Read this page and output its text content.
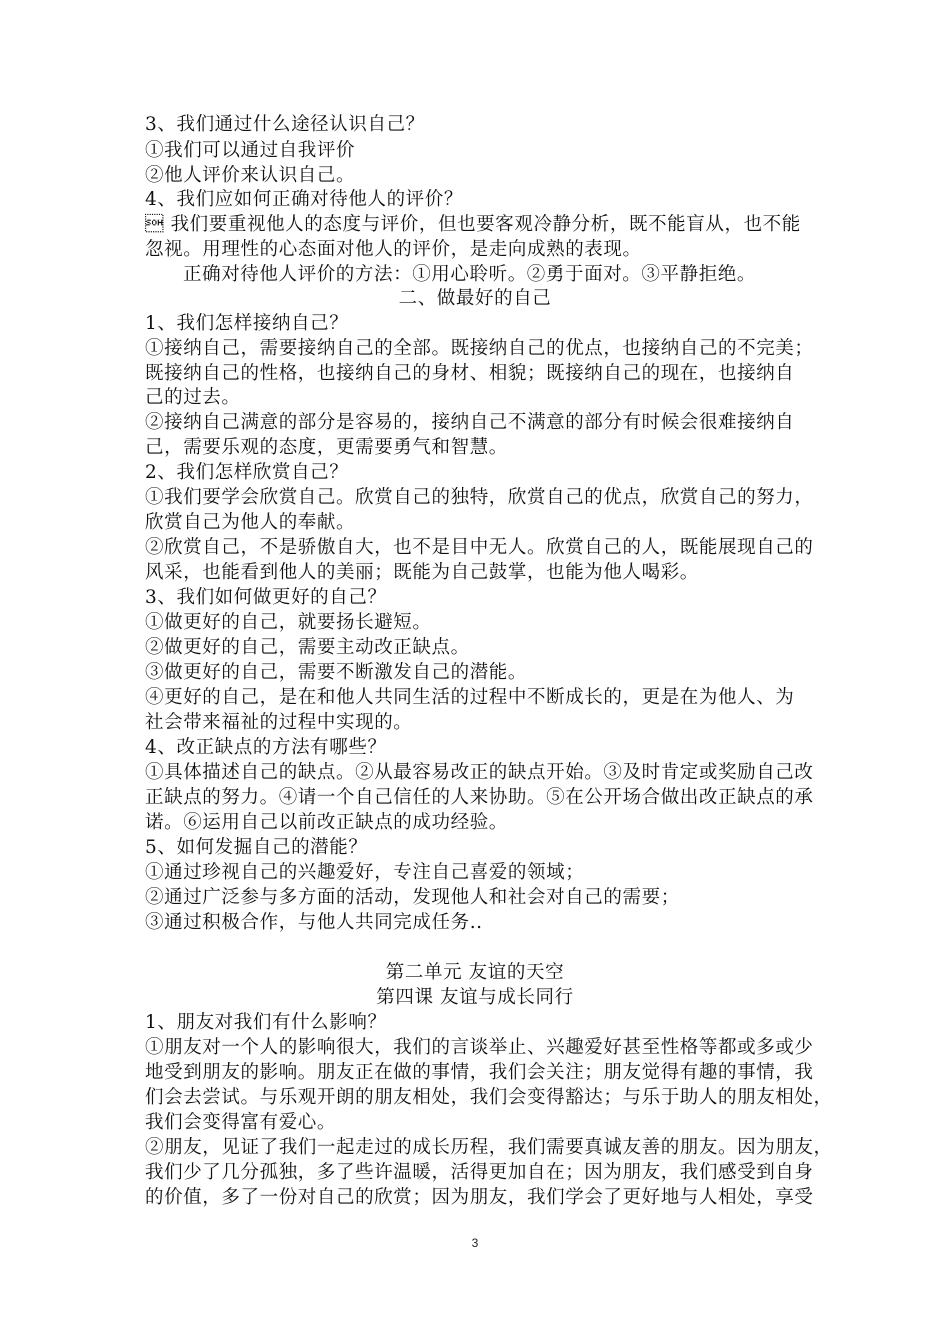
3、我们通过什么途径认识自己？
①我们可以通过自我评价
②他人评价来认识自己。
4、我们应如何正确对待他人的评价？
 我们要重视他人的态度与评价，但也要客观冷静分析，既不能盲从，也不能
忽视。用理性的心态面对他人的评价，是走向成熟的表现。
正确对待他人评价的方法：①用心聆听。②勇于面对。③平静拒绝。
二、做最好的自己
1、我们怎样接纳自己？
①接纳自己，需要接纳自己的全部。既接纳自己的优点，也接纳自己的不完美；
既接纳自己的性格，也接纳自己的身材、相貌；既接纳自己的现在，也接纳自
己的过去。
②接纳自己满意的部分是容易的，接纳自己不满意的部分有时候会很难接纳自
己，需要乐观的态度，更需要勇气和智慧。
2、我们怎样欣赏自己？
①我们要学会欣赏自己。欣赏自己的独特，欣赏自己的优点，欣赏自己的努力，
欣赏自己为他人的奉献。
②欣赏自己，不是骄傲自大，也不是目中无人。欣赏自己的人，既能展现自己的
风采，也能看到他人的美丽；既能为自己鼓掌，也能为他人喝彩。
3、我们如何做更好的自己？
①做更好的自己，就要扬长避短。
②做更好的自己，需要主动改正缺点。
③做更好的自己，需要不断激发自己的潜能。
④更好的自己，是在和他人共同生活的过程中不断成长的，更是在为他人、为
社会带来福祉的过程中实现的。
4、改正缺点的方法有哪些？
①具体描述自己的缺点。②从最容易改正的缺点开始。③及时肯定或奖励自己改
正缺点的努力。④请一个自己信任的人来协助。⑤在公开场合做出改正缺点的承
诺。⑥运用自己以前改正缺点的成功经验。
5、如何发掘自己的潜能？
①通过珍视自己的兴趣爱好，专注自己喜爱的领域；
②通过广泛参与多方面的活动，发现他人和社会对自己的需要；
③通过积极合作，与他人共同完成任务..
第二单元 友谊的天空
第四课 友谊与成长同行
1、朋友对我们有什么影响？
①朋友对一个人的影响很大，我们的言谈举止、兴趣爱好甚至性格等都或多或少
地受到朋友的影响。朋友正在做的事情，我们会关注；朋友觉得有趣的事情，我
们会去尝试。与乐观开朗的朋友相处，我们会变得豁达；与乐于助人的朋友相处，
我们会变得富有爱心。
②朋友，见证了我们一起走过的成长历程，我们需要真诚友善的朋友。因为朋友，
我们少了几分孤独，多了些许温暖，活得更加自在；因为朋友，我们感受到自身
的价值，多了一份对自己的欣赏；因为朋友，我们学会了更好地与人相处，享受
3
